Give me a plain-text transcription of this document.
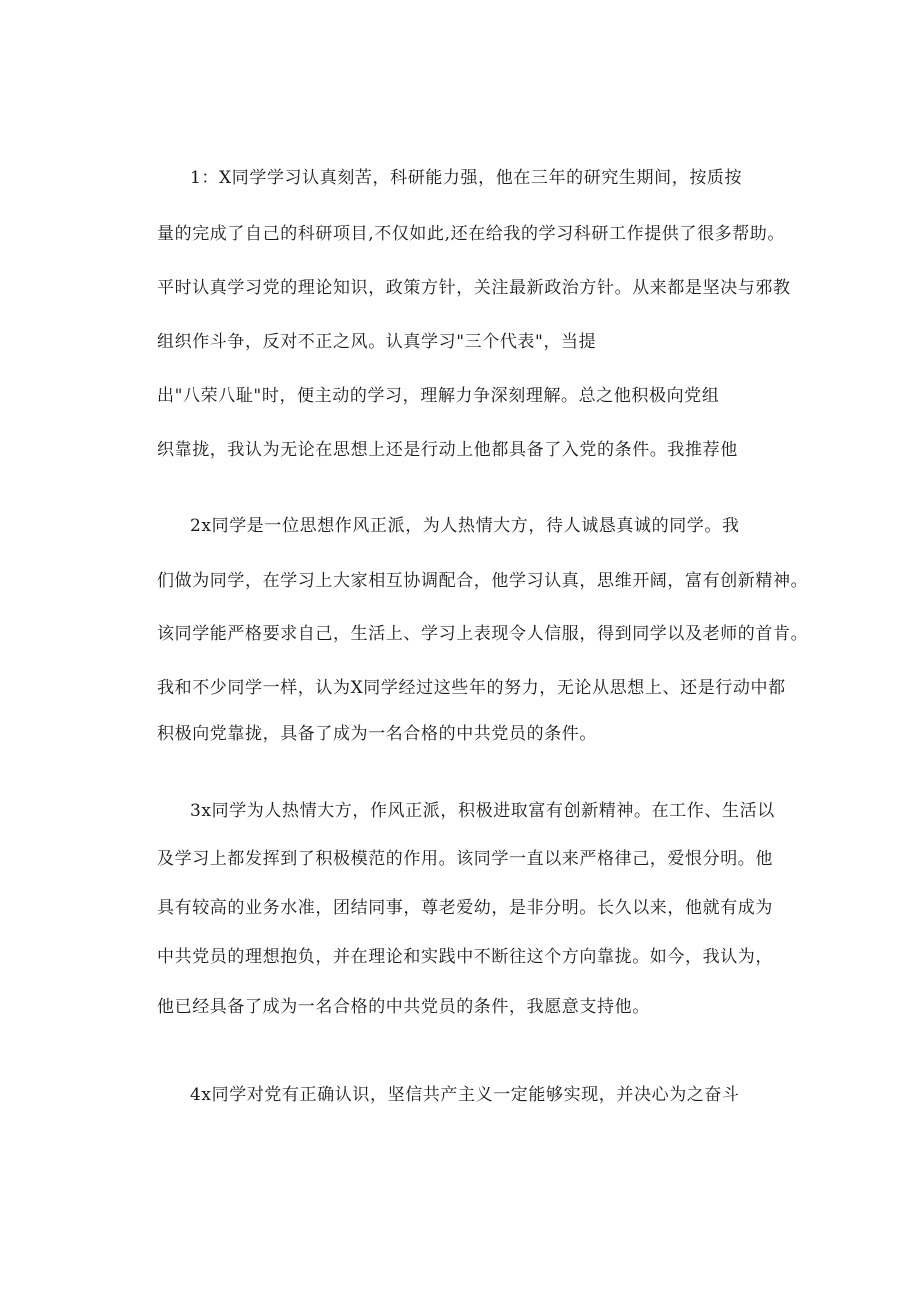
1：X同学学习认真刻苦，科研能力强，他在三年的研究生期间，按质按
量的完成了自己的科研项目,不仅如此,还在给我的学习科研工作提供了很多帮助。
平时认真学习党的理论知识，政策方针，关注最新政治方针。从来都是坚决与邪教
组织作斗争，反对不正之风。认真学习"三个代表"，当提
出"八荣八耻"时，便主动的学习，理解力争深刻理解。总之他积极向党组
织靠拢，我认为无论在思想上还是行动上他都具备了入党的条件。我推荐他
2x同学是一位思想作风正派，为人热情大方，待人诚恳真诚的同学。我
们做为同学，在学习上大家相互协调配合，他学习认真，思维开阔，富有创新精神。
该同学能严格要求自己，生活上、学习上表现令人信服，得到同学以及老师的首肯。
我和不少同学一样，认为X同学经过这些年的努力，无论从思想上、还是行动中都
积极向党靠拢，具备了成为一名合格的中共党员的条件。
3x同学为人热情大方，作风正派，积极进取富有创新精神。在工作、生活以
及学习上都发挥到了积极模范的作用。该同学一直以来严格律己，爱恨分明。他
具有较高的业务水准，团结同事，尊老爱幼，是非分明。长久以来，他就有成为
中共党员的理想抱负，并在理论和实践中不断往这个方向靠拢。如今，我认为，
他已经具备了成为一名合格的中共党员的条件，我愿意支持他。
4x同学对党有正确认识，坚信共产主义一定能够实现，并决心为之奋斗
